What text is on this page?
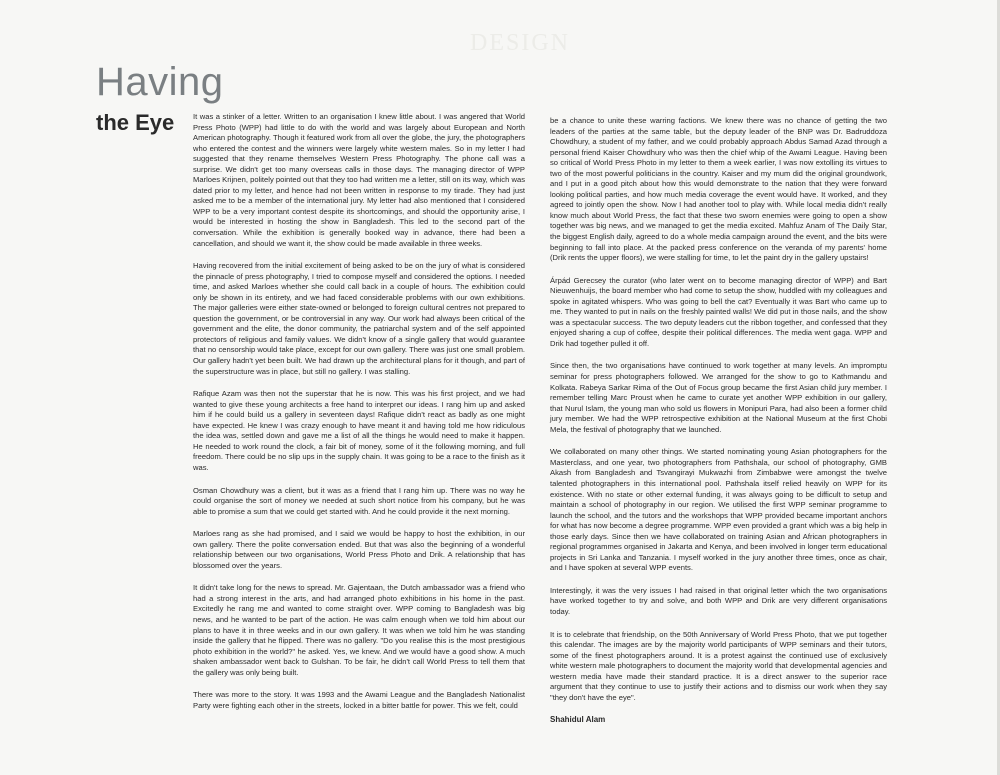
DESIGN
Having
the Eye It was a stinker of a letter. Written to an organisation I knew little about. I was angered that World Press Photo (WPP) had little to do with the world and was largely about European and North American photography. Though it featured work from all over the globe, the jury, the photographers who entered the contest and the winners were largely white western males. So in my letter I had suggested that they rename themselves Western Press Photography. The phone call was a surprise. We didn't get too many overseas calls in those days. The managing director of WPP Marloes Krijnen, politely pointed out that they too had written me a letter, still on its way, which was dated prior to my letter, and hence had not been written in response to my tirade. They had just asked me to be a member of the international jury. My letter had also mentioned that I considered WPP to be a very important contest despite its shortcomings, and should the opportunity arise, I would be interested in hosting the show in Bangladesh. This led to the second part of the conversation. While the exhibition is generally booked way in advance, there had been a cancellation, and should we want it, the show could be made available in three weeks.

Having recovered from the initial excitement of being asked to be on the jury of what is considered the pinnacle of press photography, I tried to compose myself and considered the options. I needed time, and asked Marloes whether she could call back in a couple of hours. The exhibition could only be shown in its entirety, and we had faced considerable problems with our own exhibitions. The major galleries were either state-owned or belonged to foreign cultural centres not prepared to question the government, or be controversial in any way. Our work had always been critical of the government and the elite, the donor community, the patriarchal system and of the self appointed protectors of religious and family values. We didn't know of a single gallery that would guarantee that no censorship would take place, except for our own gallery. There was just one small problem. Our gallery hadn't yet been built. We had drawn up the architectural plans for it though, and part of the superstructure was in place, but still no gallery. I was stalling.

Rafique Azam was then not the superstar that he is now. This was his first project, and we had wanted to give these young architects a free hand to interpret our ideas. I rang him up and asked him if he could build us a gallery in seventeen days! Rafique didn't react as badly as one might have expected. He knew I was crazy enough to have meant it and having told me how ridiculous the idea was, settled down and gave me a list of all the things he would need to make it happen. He needed to work round the clock, a fair bit of money, some of it the following morning, and full freedom. There could be no slip ups in the supply chain. It was going to be a race to the finish as it was.

Osman Chowdhury was a client, but it was as a friend that I rang him up. There was no way he could organise the sort of money we needed at such short notice from his company, but he was able to promise a sum that we could get started with. And he could provide it the next morning.

Marloes rang as she had promised, and I said we would be happy to host the exhibition, in our own gallery. There the polite conversation ended. But that was also the beginning of a wonderful relationship between our two organisations, World Press Photo and Drik. A relationship that has blossomed over the years.

It didn't take long for the news to spread. Mr. Gajentaan, the Dutch ambassador was a friend who had a strong interest in the arts, and had arranged photo exhibitions in his home in the past. Excitedly he rang me and wanted to come straight over. WPP coming to Bangladesh was big news, and he wanted to be part of the action. He was calm enough when we told him about our plans to have it in three weeks and in our own gallery. It was when we told him he was standing inside the gallery that he flipped. There was no gallery. "Do you realise this is the most prestigious photo exhibition in the world?" he asked. Yes, we knew. And we would have a good show. A much shaken ambassador went back to Gulshan. To be fair, he didn't call World Press to tell them that the gallery was only being built.

There was more to the story. It was 1993 and the Awami League and the Bangladesh Nationalist Party were fighting each other in the streets, locked in a bitter battle for power. This we felt, could

be a chance to unite these warring factions. We knew there was no chance of getting the two leaders of the parties at the same table, but the deputy leader of the BNP was Dr. Badruddoza Chowdhury, a student of my father, and we could probably approach Abdus Samad Azad through a personal friend Kaiser Chowdhury who was then the chief whip of the Awami League. Having been so critical of World Press Photo in my letter to them a week earlier, I was now extolling its virtues to two of the most powerful politicians in the country. Kaiser and my mum did the original groundwork, and I put in a good pitch about how this would demonstrate to the nation that they were forward looking political parties, and how much media coverage the event would have. It worked, and they agreed to jointly open the show. Now I had another tool to play with. While local media didn't really know much about World Press, the fact that these two sworn enemies were going to open a show together was big news, and we managed to get the media excited. Mahfuz Anam of The Daily Star, the biggest English daily, agreed to do a whole media campaign around the event, and the bits were beginning to fall into place. At the packed press conference on the veranda of my parents' home (Drik rents the upper floors), we were stalling for time, to let the paint dry in the gallery upstairs!

Árpád Gerecsey the curator (who later went on to become managing director of WPP) and Bart Nieuwenhuijs, the board member who had come to setup the show, huddled with my colleagues and spoke in agitated whispers. Who was going to bell the cat? Eventually it was Bart who came up to me. They wanted to put in nails on the freshly painted walls! We did put in those nails, and the show was a spectacular success. The two deputy leaders cut the ribbon together, and confessed that they enjoyed sharing a cup of coffee, despite their political differences. The media went gaga. WPP and Drik had together pulled it off.

Since then, the two organisations have continued to work together at many levels. An impromptu seminar for press photographers followed. We arranged for the show to go to Kathmandu and Kolkata. Rabeya Sarkar Rima of the Out of Focus group became the first Asian child jury member. I remember telling Marc Proust when he came to curate yet another WPP exhibition in our gallery, that Nurul Islam, the young man who sold us flowers in Monipuri Para, had also been a former child jury member. We had the WPP retrospective exhibition at the National Museum at the first Chobi Mela, the festival of photography that we launched.

We collaborated on many other things. We started nominating young Asian photographers for the Masterclass, and one year, two photographers from Pathshala, our school of photography, GMB Akash from Bangladesh and Tsvangirayi Mukwazhi from Zimbabwe were amongst the twelve talented photographers in this international pool. Pathshala itself relied heavily on WPP for its existence. With no state or other external funding, it was always going to be difficult to setup and maintain a school of photography in our region. We utilised the first WPP seminar programme to launch the school, and the tutors and the workshops that WPP provided became important anchors for what has now become a degree programme. WPP even provided a grant which was a big help in those early days. Since then we have collaborated on training Asian and African photographers in regional programmes organised in Jakarta and Kenya, and been involved in longer term educational projects in Sri Lanka and Tanzania. I myself worked in the jury another three times, once as chair, and I have spoken at several WPP events.

Interestingly, it was the very issues I had raised in that original letter which the two organisations have worked together to try and solve, and both WPP and Drik are very different organisations today.

It is to celebrate that friendship, on the 50th Anniversary of World Press Photo, that we put together this calendar. The images are by the majority world participants of WPP seminars and their tutors, some of the finest photographers around. It is a protest against the continued use of exclusively white western male photographers to document the majority world that developmental agencies and western media have made their standard practice. It is a direct answer to the superior race argument that they continue to use to justify their actions and to dismiss our work when they say "they don't have the eye".

Shahidul Alam
